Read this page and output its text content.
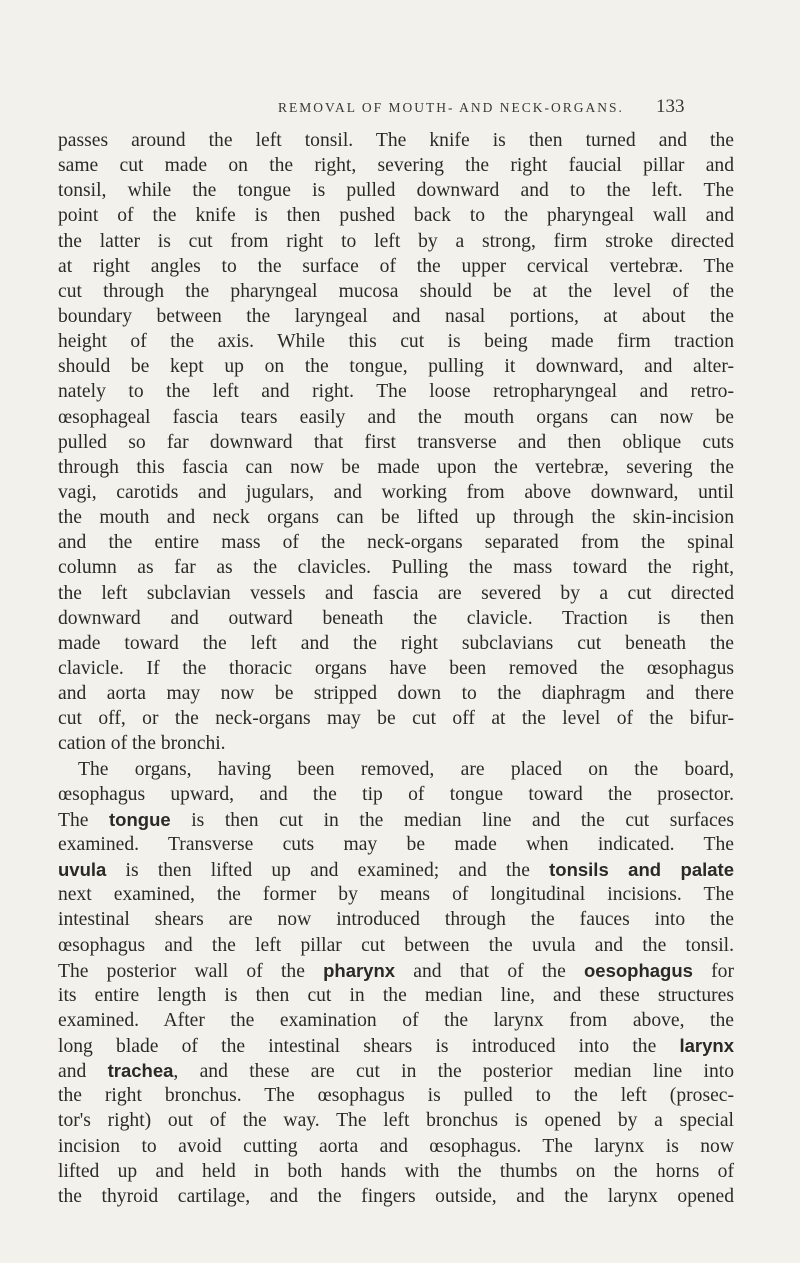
REMOVAL OF MOUTH- AND NECK-ORGANS. 133
passes around the left tonsil. The knife is then turned and the
same cut made on the right, severing the right faucial pillar and
tonsil, while the tongue is pulled downward and to the left. The
point of the knife is then pushed back to the pharyngeal wall and
the latter is cut from right to left by a strong, firm stroke directed
at right angles to the surface of the upper cervical vertebræ. The
cut through the pharyngeal mucosa should be at the level of the
boundary between the laryngeal and nasal portions, at about the
height of the axis. While this cut is being made firm traction
should be kept up on the tongue, pulling it downward, and alter-
nately to the left and right. The loose retropharyngeal and retro-
œsophageal fascia tears easily and the mouth organs can now be
pulled so far downward that first transverse and then oblique cuts
through this fascia can now be made upon the vertebræ, severing the
vagi, carotids and jugulars, and working from above downward, until
the mouth and neck organs can be lifted up through the skin-incision
and the entire mass of the neck-organs separated from the spinal
column as far as the clavicles. Pulling the mass toward the right,
the left subclavian vessels and fascia are severed by a cut directed
downward and outward beneath the clavicle. Traction is then
made toward the left and the right subclavians cut beneath the
clavicle. If the thoracic organs have been removed the œsophagus
and aorta may now be stripped down to the diaphragm and there
cut off, or the neck-organs may be cut off at the level of the bifur-
cation of the bronchi.
The organs, having been removed, are placed on the board,
œsophagus upward, and the tip of tongue toward the prosector.
The tongue is then cut in the median line and the cut surfaces
examined. Transverse cuts may be made when indicated. The
uvula is then lifted up and examined; and the tonsils and palate
next examined, the former by means of longitudinal incisions. The
intestinal shears are now introduced through the fauces into the
œsophagus and the left pillar cut between the uvula and the tonsil.
The posterior wall of the pharynx and that of the oesophagus for
its entire length is then cut in the median line, and these structures
examined. After the examination of the larynx from above, the
long blade of the intestinal shears is introduced into the larynx
and trachea, and these are cut in the posterior median line into
the right bronchus. The œsophagus is pulled to the left (prosec-
tor's right) out of the way. The left bronchus is opened by a special
incision to avoid cutting aorta and œsophagus. The larynx is now
lifted up and held in both hands with the thumbs on the horns of
the thyroid cartilage, and the fingers outside, and the larynx opened
